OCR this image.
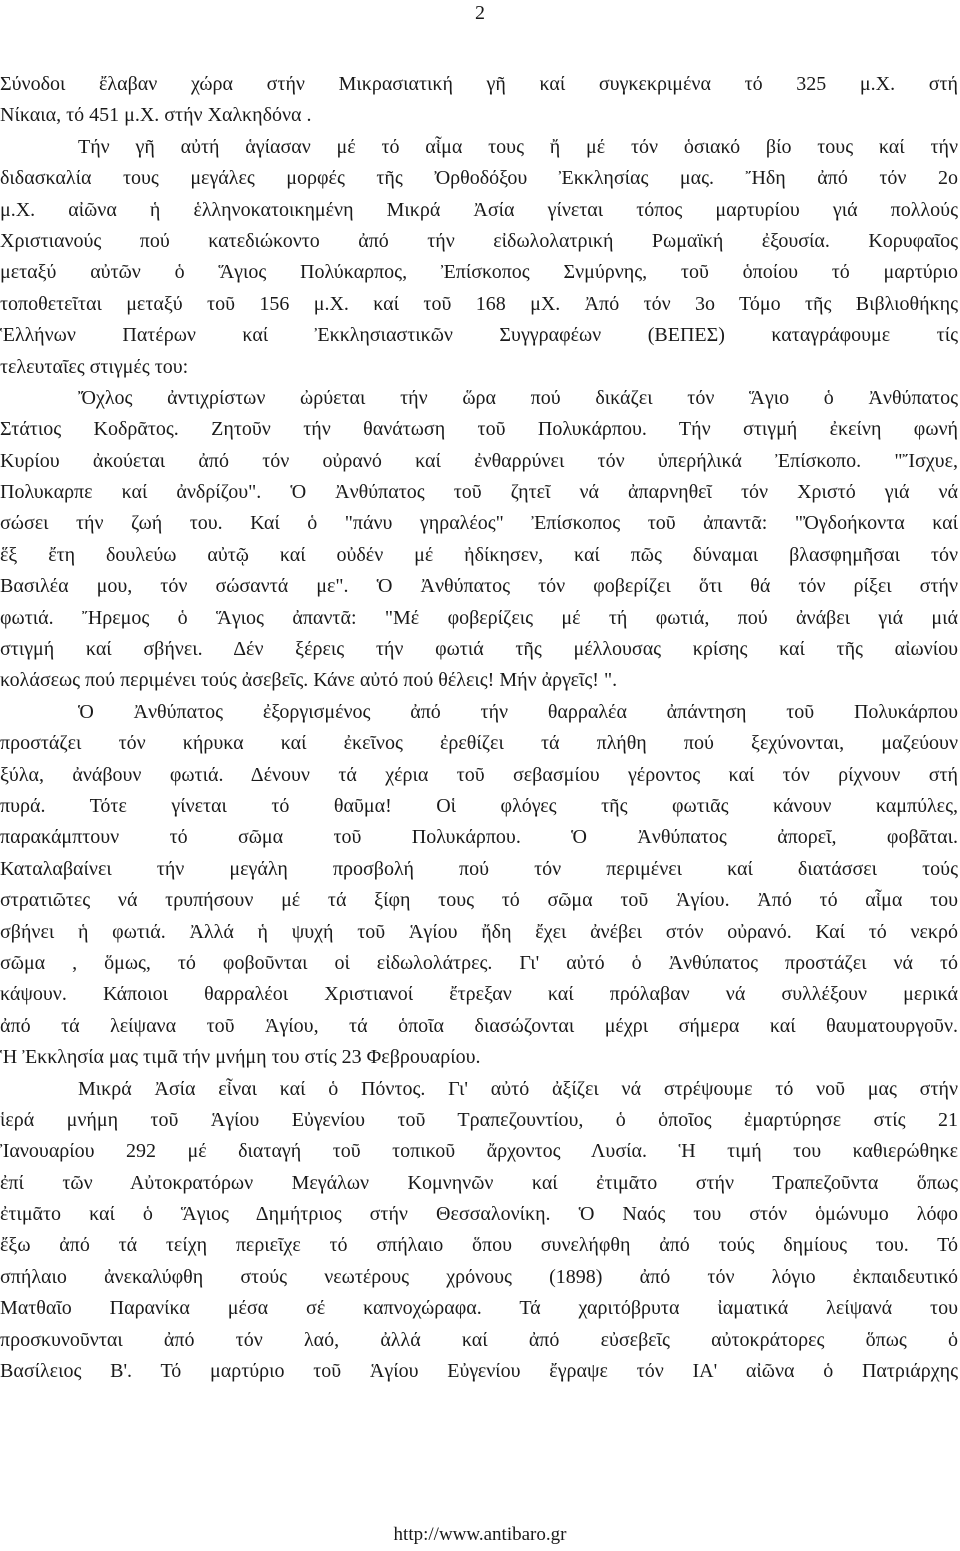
2
Σύνοδοι ἔλαβαν χώρα στήν Μικρασιατική γῆ καί συγκεκριμένα τό 325 μ.Χ. στή
Νίκαια, τό 451 μ.Χ. στήν Χαλκηδόνα .
Τήν γῆ αὐτή ἁγίασαν μέ τό αἷμα τους ἤ μέ τόν ὁσιακό βίο τους καί τήν
διδασκαλία τους μεγάλες μορφές τῆς Ὀρθοδόξου Ἐκκλησίας μας. Ἤδη ἀπό τόν 2ο
μ.Χ. αἰῶνα ἡ ἑλληνοκατοικημένη Μικρά Ἀσία γίνεται τόπος μαρτυρίου γιά πολλούς
Χριστιανούς πού κατεδιώκοντο ἀπό τήν εἰδωλολατρική Ρωμαϊκή ἐξουσία. Κορυφαῖος
μεταξύ αὐτῶν ὁ Ἅγιος Πολύκαρπος, Ἐπίσκοπος Σνμύρνης, τοῦ ὁποίου τό μαρτύριο
τοποθετεῖται μεταξύ τοῦ 156 μ.Χ. καί τοῦ 168 μΧ. Ἀπό τόν 3ο Τόμο τῆς Βιβλιοθήκης
Ἑλλήνων Πατέρων καί Ἐκκλησιαστικῶν Συγγραφέων (ΒΕΠΕΣ) καταγράφουμε τίς
τελευταῖες στιγμές του:
Ὄχλος ἀντιχρίστων ὠρύεται τήν ὥρα πού δικάζει τόν Ἅγιο ὁ Ἀνθύπατος
Στάτιος Κοδρᾶτος. Ζητοῦν τήν θανάτωση τοῦ Πολυκάρπου. Τήν στιγμή ἐκείνη φωνή
Κυρίου ἀκούεται ἀπό τόν οὐρανό καί ἐνθαρρύνει τόν ὑπερήλικά Ἐπίσκοπο. "Ἴσχυε,
Πολυκαρπε καί ἀνδρίζου". Ὁ Ἀνθύπατος τοῦ ζητεῖ νά ἀπαρνηθεῖ τόν Χριστό γιά νά
σώσει τήν ζωή του. Καί ὁ "πάνυ γηραλέος" Ἐπίσκοπος τοῦ ἀπαντᾶ: "Ὀγδοήκοντα καί
ἕξ ἔτη δουλεύω αὐτῷ καί οὐδέν μέ ἠδίκησεν, καί πῶς δύναμαι βλασφημῆσαι τόν
Βασιλέα μου, τόν σώσαντά με". Ὁ Ἀνθύπατος τόν φοβερίζει ὅτι θά τόν ρίξει στήν
φωτιά. Ἤρεμος ὁ Ἅγιος ἀπαντᾶ: "Μέ φοβερίζεις μέ τή φωτιά, πού ἀνάβει γιά μιά
στιγμή καί σβήνει. Δέν ξέρεις τήν φωτιά τῆς μέλλουσας κρίσης καί τῆς αἰωνίου
κολάσεως πού περιμένει τούς ἀσεβεῖς. Κάνε αὐτό πού θέλεις! Μήν ἀργεῖς! ".
Ὁ Ἀνθύπατος ἐξοργισμένος ἀπό τήν θαρραλέα ἀπάντηση τοῦ Πολυκάρπου
προστάζει τόν κήρυκα καί ἐκεῖνος ἐρεθίζει τά πλήθη πού ξεχύνονται, μαζεύουν
ξύλα, ἀνάβουν φωτιά. Δένουν τά χέρια τοῦ σεβασμίου γέροντος καί τόν ρίχνουν στή
πυρά. Τότε γίνεται τό θαῦμα! Οἱ φλόγες τῆς φωτιᾶς κάνουν καμπύλες,
παρακάμπτουν τό σῶμα τοῦ Πολυκάρπου. Ὁ Ἀνθύπατος ἀπορεῖ, φοβᾶται.
Καταλαβαίνει τήν μεγάλη προσβολή πού τόν περιμένει καί διατάσσει τούς
στρατιῶτες νά τρυπήσουν μέ τά ξίφη τους τό σῶμα τοῦ Ἁγίου. Ἀπό τό αἷμα του
σβήνει ἡ φωτιά. Ἀλλά ἡ ψυχή τοῦ Ἁγίου ἤδη ἔχει ἀνέβει στόν οὐρανό. Καί τό νεκρό
σῶμα , ὅμως, τό φοβοῦνται οἱ εἰδωλολάτρες. Γι' αὐτό ὁ Ἀνθύπατος προστάζει νά τό
κάψουν. Κάποιοι θαρραλέοι Χριστιανοί ἔτρεξαν καί πρόλαβαν νά συλλέξουν μερικά
ἀπό τά λείψανα τοῦ Ἁγίου, τά ὁποῖα διασώζονται μέχρι σήμερα καί θαυματουργοῦν.
Ἡ Ἐκκλησία μας τιμᾶ τήν μνήμη του στίς 23 Φεβρουαρίου.
Μικρά Ἀσία εἶναι καί ὁ Πόντος. Γι' αὐτό ἀξίζει νά στρέψουμε τό νοῦ μας στήν
ἱερά μνήμη τοῦ Ἁγίου Εὐγενίου τοῦ Τραπεζουντίου, ὁ ὁποῖος ἐμαρτύρησε στίς 21
Ἰανουαρίου 292 μέ διαταγή τοῦ τοπικοῦ ἄρχοντος Λυσία. Ἡ τιμή του καθιερώθηκε
ἐπί τῶν Αὐτοκρατόρων Μεγάλων Κομνηνῶν καί ἐτιμᾶτο στήν Τραπεζοῦντα ὅπως
ἐτιμᾶτο καί ὁ Ἅγιος Δημήτριος στήν Θεσσαλονίκη. Ὁ Ναός του στόν ὁμώνυμο λόφο
ἔξω ἀπό τά τείχη περιεῖχε τό σπήλαιο ὅπου συνελήφθη ἀπό τούς δημίους του. Τό
σπήλαιο ἀνεκαλύφθη στούς νεωτέρους χρόνους (1898) ἀπό τόν λόγιο ἐκπαιδευτικό
Ματθαῖο Παρανίκα μέσα σέ καπνοχώραφα. Τά χαριτόβρυτα ἰαματικά λείψανά του
προσκυνοῦνται ἀπό τόν λαό, ἀλλά καί ἀπό εὐσεβεῖς αὐτοκράτορες ὅπως ὁ
Βασίλειος Β'. Τό μαρτύριο τοῦ Ἁγίου Εὐγενίου ἔγραψε τόν ΙΑ' αἰῶνα ὁ Πατριάρχης
http://www.antibaro.gr
